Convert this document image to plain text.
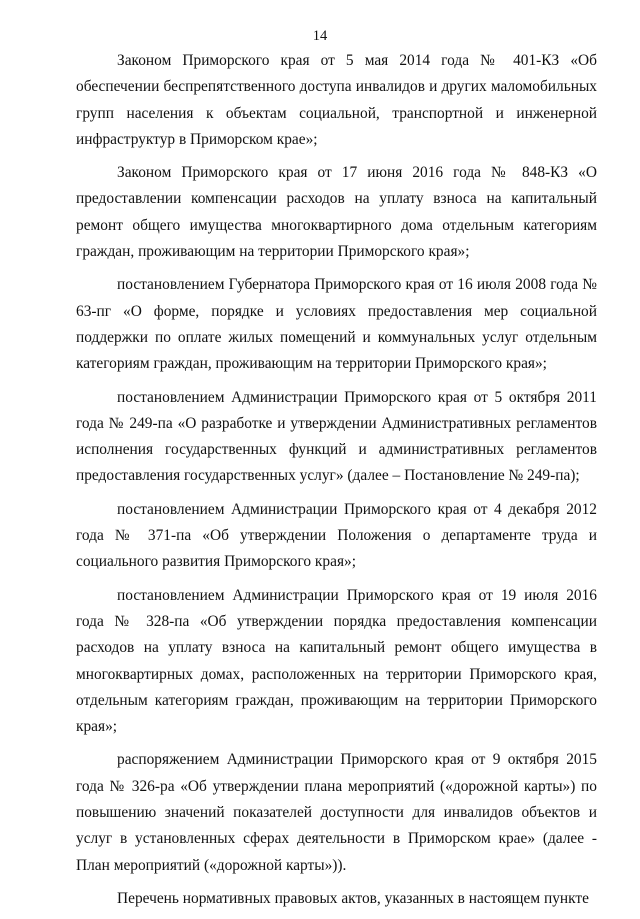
14

Законом Приморского края от 5 мая 2014 года № 401-КЗ «Об обеспечении беспрепятственного доступа инвалидов и других маломобильных групп населения к объектам социальной, транспортной и инженерной инфраструктур в Приморском крае»;

Законом Приморского края от 17 июня 2016 года № 848-КЗ «О предоставлении компенсации расходов на уплату взноса на капитальный ремонт общего имущества многоквартирного дома отдельным категориям граждан, проживающим на территории Приморского края»;

постановлением Губернатора Приморского края от 16 июля 2008 года № 63-пг «О форме, порядке и условиях предоставления мер социальной поддержки по оплате жилых помещений и коммунальных услуг отдельным категориям граждан, проживающим на территории Приморского края»;

постановлением Администрации Приморского края от 5 октября 2011 года № 249-па «О разработке и утверждении Административных регламентов исполнения государственных функций и административных регламентов предоставления государственных услуг» (далее – Постановление № 249-па);

постановлением Администрации Приморского края от 4 декабря 2012 года № 371-па «Об утверждении Положения о департаменте труда и социального развития Приморского края»;

постановлением Администрации Приморского края от 19 июля 2016 года № 328-па «Об утверждении порядка предоставления компенсации расходов на уплату взноса на капитальный ремонт общего имущества в многоквартирных домах, расположенных на территории Приморского края, отдельным категориям граждан, проживающим на территории Приморского края»;

распоряжением Администрации Приморского края от 9 октября 2015 года № 326-ра «Об утверждении плана мероприятий («дорожной карты») по повышению значений показателей доступности для инвалидов объектов и услуг в установленных сферах деятельности в Приморском крае» (далее - План мероприятий («дорожной карты»)).

Перечень нормативных правовых актов, указанных в настоящем пункте
